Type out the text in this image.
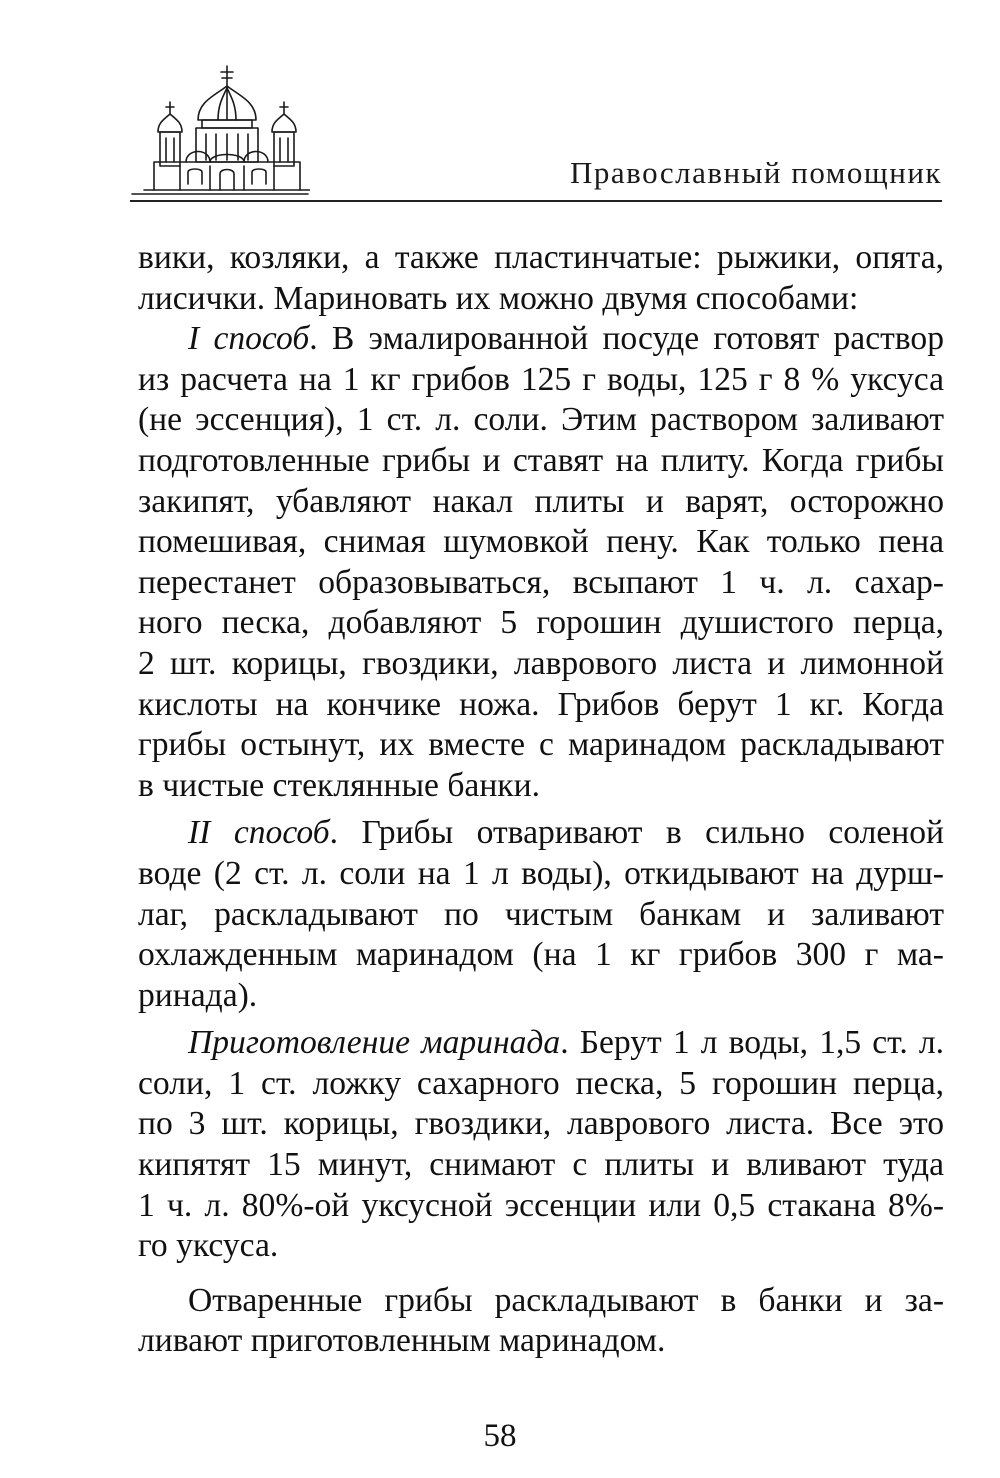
Православный помощник
вики, козляки, а также пластинчатые: рыжики, опята,
лисички. Мариновать их можно двумя способами:
I способ. В эмалированной посуде готовят раствор
из расчета на 1 кг грибов 125 г воды, 125 г 8 % уксуса
(не эссенция), 1 ст. л. соли. Этим раствором заливают
подготовленные грибы и ставят на плиту. Когда грибы
закипят, убавляют накал плиты и варят, осторожно
помешивая, снимая шумовкой пену. Как только пена
перестанет образовываться, всыпают 1 ч. л. сахар-
ного песка, добавляют 5 горошин душистого перца,
2 шт. корицы, гвоздики, лаврового листа и лимонной
кислоты на кончике ножа. Грибов берут 1 кг. Когда
грибы остынут, их вместе с маринадом раскладывают
в чистые стеклянные банки.
II способ. Грибы отваривают в сильно соленой
воде (2 ст. л. соли на 1 л воды), откидывают на дурш-
лаг, раскладывают по чистым банкам и заливают
охлажденным маринадом (на 1 кг грибов 300 г ма-
ринада).
Приготовление маринада. Берут 1 л воды, 1,5 ст. л.
соли, 1 ст. ложку сахарного песка, 5 горошин перца,
по 3 шт. корицы, гвоздики, лаврового листа. Все это
кипятят 15 минут, снимают с плиты и вливают туда
1 ч. л. 80%-ой уксусной эссенции или 0,5 стакана 8%-
го уксуса.
Отваренные грибы раскладывают в банки и за-
ливают приготовленным маринадом.
58
